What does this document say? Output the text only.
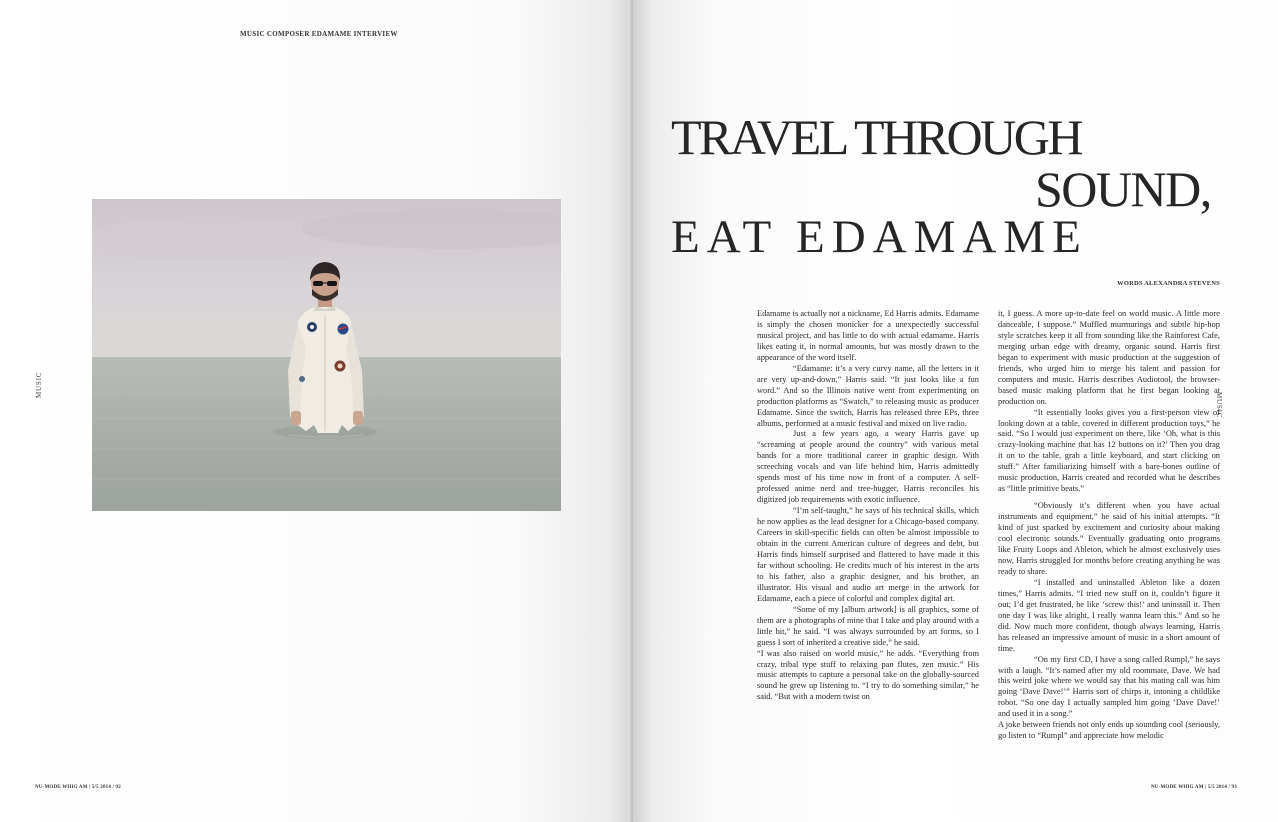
MUSIC COMPOSER EDAMAME INTERVIEW
MUSIC
NU-MODE WHIG AM | 5/5 2014 / 92
TRAVEL THROUGH
SOUND,
EAT EDAMAME
WORDS ALEXANDRA STEVENS

Edamame is actually not a nickname, Ed Harris admits. Edamame is simply the chosen monicker for a unexpectedly successful musical project, and has little to do with actual edamame. Harris likes eating it, in normal amounts, but was mostly drawn to the appearance of the word itself.

“Edamame: it’s a very curvy name, all the letters in it are very up-and-down,” Harris said. “It just looks like a fun word.” And so the Illinois native went from experimenting on production platforms as “Swatch,” to releasing music as producer Edamame. Since the switch, Harris has released three EPs, three albums, performed at a music festival and mixed on live radio.

Just a few years ago, a weary Harris gave up “screaming at people around the country” with various metal bands for a more traditional career in graphic design. With screeching vocals and van life behind him, Harris admittedly spends most of his time now in front of a computer. A self-professed anime nerd and tree-hugger, Harris reconciles his digitized job requirements with exotic influence.

“I’m self-taught,” he says of his technical skills, which he now applies as the lead designer for a Chicago-based company. Careers in skill-specific fields can often be almost impossible to obtain in the current American culture of degrees and debt, but Harris finds himself surprised and flattered to have made it this far without schooling. He credits much of his interest in the arts to his father, also a graphic designer, and his brother, an illustrator. His visual and audio art merge in the artwork for Edamame, each a piece of colorful and complex digital art.

“Some of my [album artwork] is all graphics, some of them are a photographs of mine that I take and play around with a little bit,” he said. “I was always surrounded by art forms, so I guess I sort of inherited a creative side,” he said.

“I was also raised on world music,” he adds. “Everything from crazy, tribal type stuff to relaxing pan flutes, zen music.” His music attempts to capture a personal take on the globally-sourced sound he grew up listening to. “I try to do something similar,” he said. “But with a modern twist on

it, I guess. A more up-to-date feel on world music. A little more danceable, I suppose.” Muffled murmurings and subtle hip-hop style scratches keep it all from sounding like the Rainforest Cafe, merging urban edge with dreamy, organic sound. Harris first began to experiment with music production at the suggestion of friends, who urged him to merge his talent and passion for computers and music. Harris describes Audiotool, the browser-based music making platform that he first began looking at production on.

“It essentially looks gives you a first-person view of looking down at a table, covered in different production toys,” he said. “So I would just experiment on there, like ‘Oh, what is this crazy-looking machine that has 12 buttons on it?’ Then you drag it on to the table, grab a little keyboard, and start clicking on stuff.” After familiarizing himself with a bare-bones outline of music production, Harris created and recorded what he describes as “little primitive beats.”

“Obviously it’s different when you have actual instruments and equipment,” he said of his initial attempts. “It kind of just sparked by excitement and curiosity about making cool electronic sounds.” Eventually graduating onto programs like Fruity Loops and Ableton, which he almost exclusively uses now, Harris struggled for months before creating anything he was ready to share.

“I installed and uninstalled Ableton like a dozen times,” Harris admits. “I tried new stuff on it, couldn’t figure it out; I’d get frustrated, be like ‘screw this!’ and uninstall it. Then one day I was like alright, I really wanna learn this.” And so he did. Now much more confident, though always learning, Harris has released an impressive amount of music in a short amount of time.

“On my first CD, I have a song called Rumpl,” he says with a laugh. “It’s named after my old roommate, Dave. We had this weird joke where we would say that his mating call was him going ‘Dave Dave!’” Harris sort of chirps it, intoning a childlike robot. “So one day I actually sampled him going ‘Dave Dave!’ and used it in a song.”

A joke between friends not only ends up sounding cool (seriously, go listen to “Rumpl” and appreciate how melodic

MUSIC
NU-MODE WHIG AM | 5/5 2014 / 93
